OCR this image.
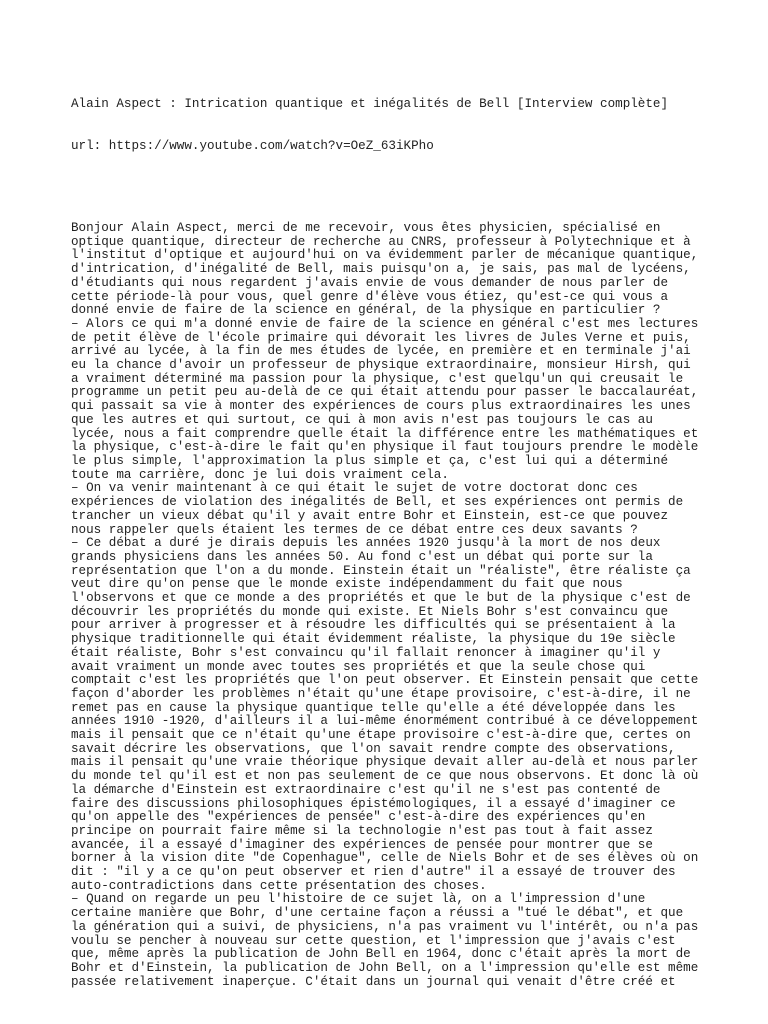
Alain Aspect : Intrication quantique et inégalités de Bell [Interview complète]

url: https://www.youtube.com/watch?v=OeZ_63iKPho

Bonjour Alain Aspect, merci de me recevoir, vous êtes physicien, spécialisé en
optique quantique, directeur de recherche au CNRS, professeur à Polytechnique et à
l'institut d'optique et aujourd'hui on va évidemment parler de mécanique quantique,
d'intrication, d'inégalité de Bell, mais puisqu'on a, je sais, pas mal de lycéens,
d'étudiants qui nous regardent j'avais envie de vous demander de nous parler de
cette période-là pour vous, quel genre d'élève vous étiez, qu'est-ce qui vous a
donné envie de faire de la science en général, de la physique en particulier ?
– Alors ce qui m'a donné envie de faire de la science en général c'est mes lectures
de petit élève de l'école primaire qui dévorait les livres de Jules Verne et puis,
arrivé au lycée, à la fin de mes études de lycée, en première et en terminale j'ai
eu la chance d'avoir un professeur de physique extraordinaire, monsieur Hirsh, qui
a vraiment déterminé ma passion pour la physique, c'est quelqu'un qui creusait le
programme un petit peu au-delà de ce qui était attendu pour passer le baccalauréat,
qui passait sa vie à monter des expériences de cours plus extraordinaires les unes
que les autres et qui surtout, ce qui à mon avis n'est pas toujours le cas au
lycée, nous a fait comprendre quelle était la différence entre les mathématiques et
la physique, c'est-à-dire le fait qu'en physique il faut toujours prendre le modèle
le plus simple, l'approximation la plus simple et ça, c'est lui qui a déterminé
toute ma carrière, donc je lui dois vraiment cela.
– On va venir maintenant à ce qui était le sujet de votre doctorat donc ces
expériences de violation des inégalités de Bell, et ses expériences ont permis de
trancher un vieux débat qu'il y avait entre Bohr et Einstein, est-ce que pouvez
nous rappeler quels étaient les termes de ce débat entre ces deux savants ?
– Ce débat a duré je dirais depuis les années 1920 jusqu'à la mort de nos deux
grands physiciens dans les années 50. Au fond c'est un débat qui porte sur la
représentation que l'on a du monde. Einstein était un "réaliste", être réaliste ça
veut dire qu'on pense que le monde existe indépendamment du fait que nous
l'observons et que ce monde a des propriétés et que le but de la physique c'est de
découvrir les propriétés du monde qui existe. Et Niels Bohr s'est convaincu que
pour arriver à progresser et à résoudre les difficultés qui se présentaient à la
physique traditionnelle qui était évidemment réaliste, la physique du 19e siècle
était réaliste, Bohr s'est convaincu qu'il fallait renoncer à imaginer qu'il y
avait vraiment un monde avec toutes ses propriétés et que la seule chose qui
comptait c'est les propriétés que l'on peut observer. Et Einstein pensait que cette
façon d'aborder les problèmes n'était qu'une étape provisoire, c'est-à-dire, il ne
remet pas en cause la physique quantique telle qu'elle a été développée dans les
années 1910 -1920, d'ailleurs il a lui-même énormément contribué à ce développement
mais il pensait que ce n'était qu'une étape provisoire c'est-à-dire que, certes on
savait décrire les observations, que l'on savait rendre compte des observations,
mais il pensait qu'une vraie théorique physique devait aller au-delà et nous parler
du monde tel qu'il est et non pas seulement de ce que nous observons. Et donc là où
la démarche d'Einstein est extraordinaire c'est qu'il ne s'est pas contenté de
faire des discussions philosophiques épistémologiques, il a essayé d'imaginer ce
qu'on appelle des "expériences de pensée" c'est-à-dire des expériences qu'en
principe on pourrait faire même si la technologie n'est pas tout à fait assez
avancée, il a essayé d'imaginer des expériences de pensée pour montrer que se
borner à la vision dite "de Copenhague", celle de Niels Bohr et de ses élèves où on
dit : "il y a ce qu'on peut observer et rien d'autre" il a essayé de trouver des
auto-contradictions dans cette présentation des choses.
– Quand on regarde un peu l'histoire de ce sujet là, on a l'impression d'une
certaine manière que Bohr, d'une certaine façon a réussi a "tué le débat", et que
la génération qui a suivi, de physiciens, n'a pas vraiment vu l'intérêt, ou n'a pas
voulu se pencher à nouveau sur cette question, et l'impression que j'avais c'est
que, même après la publication de John Bell en 1964, donc c'était après la mort de
Bohr et d'Einstein, la publication de John Bell, on a l'impression qu'elle est même
passée relativement inaperçue. C'était dans un journal qui venait d'être créé et
